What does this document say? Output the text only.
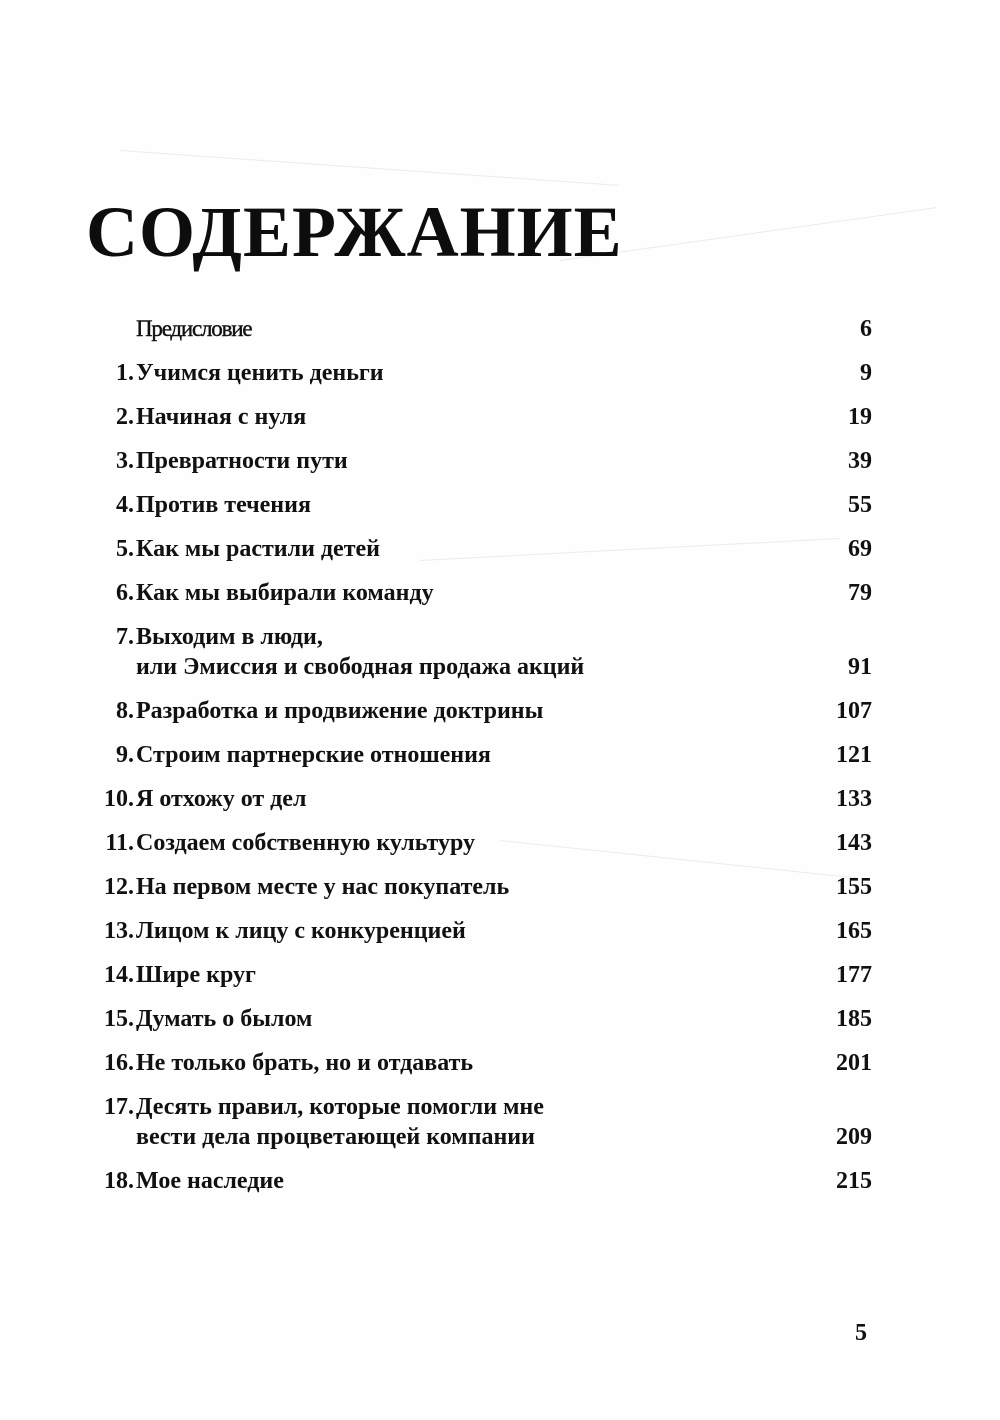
СОДЕРЖАНИЕ
Предисловие	6
1. Учимся ценить деньги	9
2. Начиная с нуля	19
3. Превратности пути	39
4. Против течения	55
5. Как мы растили детей	69
6. Как мы выбирали команду	79
7. Выходим в люди,
или Эмиссия и свободная продажа акций	91
8. Разработка и продвижение доктрины	107
9. Строим партнерские отношения	121
10. Я отхожу от дел	133
11. Создаем собственную культуру	143
12. На первом месте у нас покупатель	155
13. Лицом к лицу с конкуренцией	165
14. Шире круг	177
15. Думать о былом	185
16. Не только брать, но и отдавать	201
17. Десять правил, которые помогли мне
вести дела процветающей компании	209
18. Мое наследие	215
5
